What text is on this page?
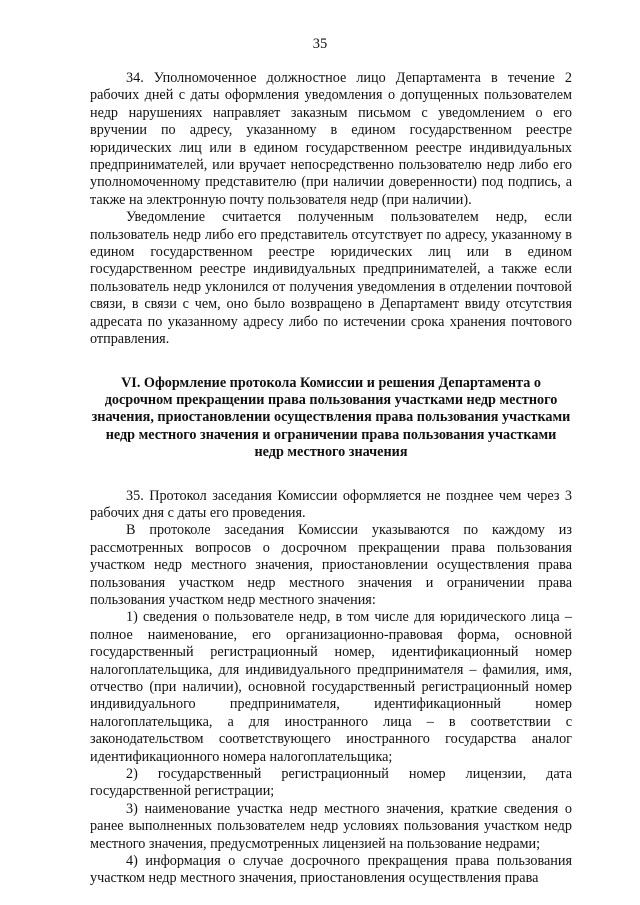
35

34. Уполномоченное должностное лицо Департамента в течение 2 рабочих дней с даты оформления уведомления о допущенных пользователем недр нарушениях направляет заказным письмом с уведомлением о его вручении по адресу, указанному в едином государственном реестре юридических лиц или в едином государственном реестре индивидуальных предпринимателей, или вручает непосредственно пользователю недр либо его уполномоченному представителю (при наличии доверенности) под подпись, а также на электронную почту пользователя недр (при наличии).

Уведомление считается полученным пользователем недр, если пользователь недр либо его представитель отсутствует по адресу, указанному в едином государственном реестре юридических лиц или в едином государственном реестре индивидуальных предпринимателей, а также если пользователь недр уклонился от получения уведомления в отделении почтовой связи, в связи с чем, оно было возвращено в Департамент ввиду отсутствия адресата по указанному адресу либо по истечении срока хранения почтового отправления.

VI. Оформление протокола Комиссии и решения Департамента о досрочном прекращении права пользования участками недр местного значения, приостановлении осуществления права пользования участками недр местного значения и ограничении права пользования участками недр местного значения

35. Протокол заседания Комиссии оформляется не позднее чем через 3 рабочих дня с даты его проведения.

В протоколе заседания Комиссии указываются по каждому из рассмотренных вопросов о досрочном прекращении права пользования участком недр местного значения, приостановлении осуществления права пользования участком недр местного значения и ограничении права пользования участком недр местного значения:

1) сведения о пользователе недр, в том числе для юридического лица – полное наименование, его организационно-правовая форма, основной государственный регистрационный номер, идентификационный номер налогоплательщика, для индивидуального предпринимателя – фамилия, имя, отчество (при наличии), основной государственный регистрационный номер индивидуального предпринимателя, идентификационный номер налогоплательщика, а для иностранного лица – в соответствии с законодательством соответствующего иностранного государства аналог идентификационного номера налогоплательщика;

2) государственный регистрационный номер лицензии, дата государственной регистрации;

3) наименование участка недр местного значения, краткие сведения о ранее выполненных пользователем недр условиях пользования участком недр местного значения, предусмотренных лицензией на пользование недрами;

4) информация о случае досрочного прекращения права пользования участком недр местного значения, приостановления осуществления права
